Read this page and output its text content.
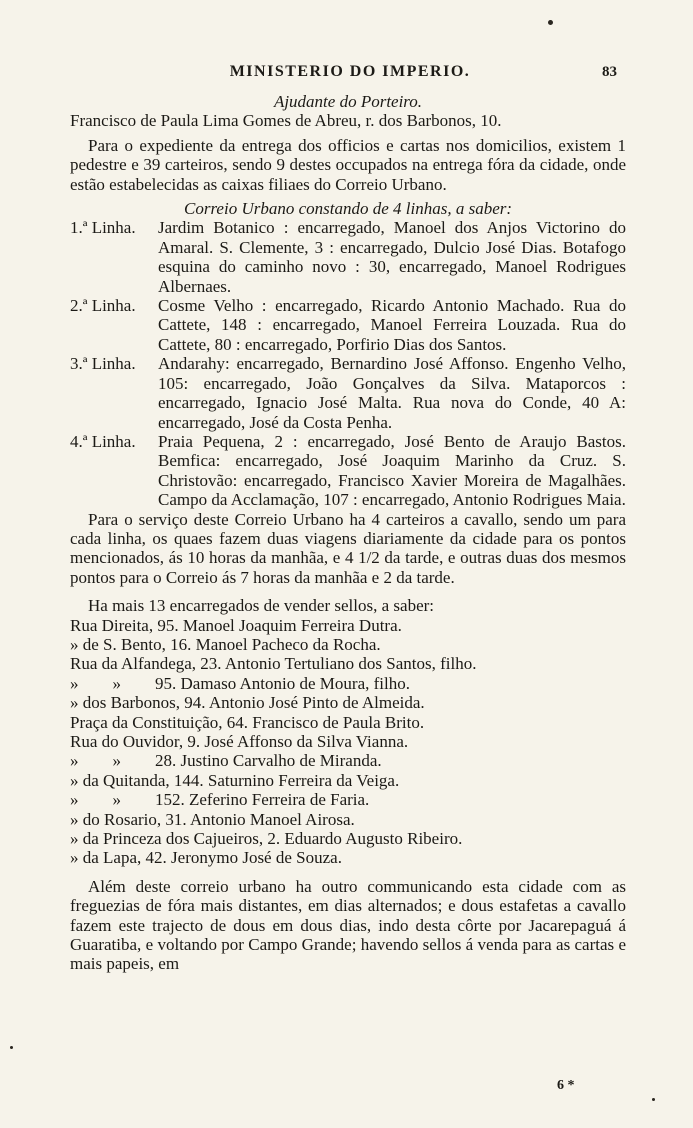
MINISTERIO DO IMPERIO.	83
Ajudante do Porteiro.
Francisco de Paula Lima Gomes de Abreu, r. dos Barbonos, 10.

Para o expediente da entrega dos officios e cartas nos domicilios, existem 1 pedestre e 39 carteiros, sendo 9 destes occupados na entrega fóra da cidade, onde estão estabelecidas as caixas filiaes do Correio Urbano.

Correio Urbano constando de 4 linhas, a saber:
1.ª Linha.	Jardim Botanico : encarregado, Manoel dos Anjos Victorino do Amaral. S. Clemente, 3 : encarregado, Dulcio José Dias. Botafogo esquina do caminho novo : 30, encarregado, Manoel Rodrigues Albernaes.
2.ª Linha.	Cosme Velho : encarregado, Ricardo Antonio Machado. Rua do Cattete, 148 : encarregado, Manoel Ferreira Louzada. Rua do Cattete, 80 : encarregado, Porfirio Dias dos Santos.
3.ª Linha.	Andarahy: encarregado, Bernardino José Affonso. Engenho Velho, 105: encarregado, João Gonçalves da Silva. Mataporcos : encarregado, Ignacio José Malta. Rua nova do Conde, 40 A: encarregado, José da Costa Penha.
4.ª Linha.	Praia Pequena, 2 : encarregado, José Bento de Araujo Bastos. Bemfica: encarregado, José Joaquim Marinho da Cruz. S. Christovão: encarregado, Francisco Xavier Moreira de Magalhães. Campo da Acclamação, 107 : encarregado, Antonio Rodrigues Maia.

Para o serviço deste Correio Urbano ha 4 carteiros a cavallo, sendo um para cada linha, os quaes fazem duas viagens diariamente da cidade para os pontos mencionados, ás 10 horas da manhãa, e 4 1/2 da tarde, e outras duas dos mesmos pontos para o Correio ás 7 horas da manhãa e 2 da tarde.

Ha mais 13 encarregados de vender sellos, a saber:

Rua Direita, 95. Manoel Joaquim Ferreira Dutra.
» de S. Bento, 16. Manoel Pacheco da Rocha.
Rua da Alfandega, 23. Antonio Tertuliano dos Santos, filho.
»        »        95. Damaso Antonio de Moura, filho.
» dos Barbonos, 94. Antonio José Pinto de Almeida.
Praça da Constituição, 64. Francisco de Paula Brito.
Rua do Ouvidor, 9. José Affonso da Silva Vianna.
»        »        28. Justino Carvalho de Miranda.
» da Quitanda, 144. Saturnino Ferreira da Veiga.
»        »        152. Zeferino Ferreira de Faria.
» do Rosario, 31. Antonio Manoel Airosa.
» da Princeza dos Cajueiros, 2. Eduardo Augusto Ribeiro.
» da Lapa, 42. Jeronymo José de Souza.

Além deste correio urbano ha outro communicando esta cidade com as freguezias de fóra mais distantes, em dias alternados; e dous estafetas a cavallo fazem este trajecto de dous em dous dias, indo desta côrte por Jacarepaguá á Guaratiba, e voltando por Campo Grande; havendo sellos á venda para as cartas e mais papeis, em

6 *
